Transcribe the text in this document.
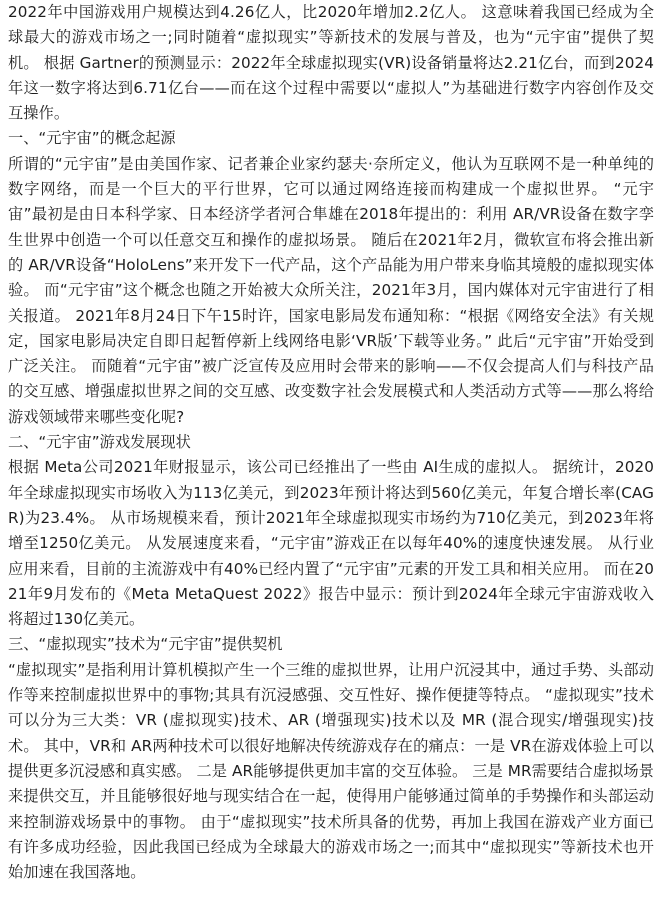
2022年中国游戏用户规模达到4.26亿人，比2020年增加2.2亿人。 这意味着我国已经成为全球最大的游戏市场之一;同时随着“虚拟现实”等新技术的发展与普及，也为“元宇宙”提供了契机。 根据 Gartner的预测显示：2022年全球虚拟现实(VR)设备销量将达2.21亿台，而到2024年这一数字将达到6.71亿台——而在这个过程中需要以“虚拟人”为基础进行数字内容创作及交互操作。

一、“元宇宙”的概念起源

所谓的“元宇宙”是由美国作家、记者兼企业家约瑟夫·奈所定义，他认为互联网不是一种单纯的数字网络，而是一个巨大的平行世界，它可以通过网络连接而构建成一个虚拟世界。 “元宇宙”最初是由日本科学家、日本经济学者河合隼雄在2018年提出的：利用 AR/VR设备在数字孪生世界中创造一个可以任意交互和操作的虚拟场景。 随后在2021年2月，微软宣布将会推出新的 AR/VR设备“HoloLens”来开发下一代产品，这个产品能为用户带来身临其境般的虚拟现实体验。 而“元宇宙”这个概念也随之开始被大众所关注，2021年3月，国内媒体对元宇宙进行了相关报道。 2021年8月24日下午15时许，国家电影局发布通知称：“根据《网络安全法》有关规定，国家电影局决定自即日起暂停新上线网络电影‘VR版’下载等业务。” 此后“元宇宙”开始受到广泛关注。 而随着“元宇宙”被广泛宣传及应用时会带来的影响——不仅会提高人们与科技产品的交互感、增强虚拟世界之间的交互感、改变数字社会发展模式和人类活动方式等——那么将给游戏领域带来哪些变化呢?

二、“元宇宙”游戏发展现状

根据 Meta公司2021年财报显示，该公司已经推出了一些由 AI生成的虚拟人。 据统计，2020年全球虚拟现实市场收入为113亿美元，到2023年预计将达到560亿美元，年复合增长率(CAGR)为23.4%。 从市场规模来看，预计2021年全球虚拟现实市场约为710亿美元，到2023年将增至1250亿美元。 从发展速度来看，“元宇宙”游戏正在以每年40%的速度快速发展。 从行业应用来看，目前的主流游戏中有40%已经内置了“元宇宙”元素的开发工具和相关应用。 而在2021年9月发布的《Meta MetaQuest 2022》报告中显示：预计到2024年全球元宇宙游戏收入将超过130亿美元。

三、“虚拟现实”技术为“元宇宙”提供契机

“虚拟现实”是指利用计算机模拟产生一个三维的虚拟世界，让用户沉浸其中，通过手势、头部动作等来控制虚拟世界中的事物;其具有沉浸感强、交互性好、操作便捷等特点。 “虚拟现实”技术可以分为三大类：VR (虚拟现实)技术、AR (增强现实)技术以及 MR (混合现实/增强现实)技术。 其中，VR和 AR两种技术可以很好地解决传统游戏存在的痛点：一是 VR在游戏体验上可以提供更多沉浸感和真实感。 二是 AR能够提供更加丰富的交互体验。 三是 MR需要结合虚拟场景来提供交互，并且能够很好地与现实结合在一起，使得用户能够通过简单的手势操作和头部运动来控制游戏场景中的事物。 由于“虚拟现实”技术所具备的优势，再加上我国在游戏产业方面已有许多成功经验，因此我国已经成为全球最大的游戏市场之一;而其中“虚拟现实”等新技术也开始加速在我国落地。
